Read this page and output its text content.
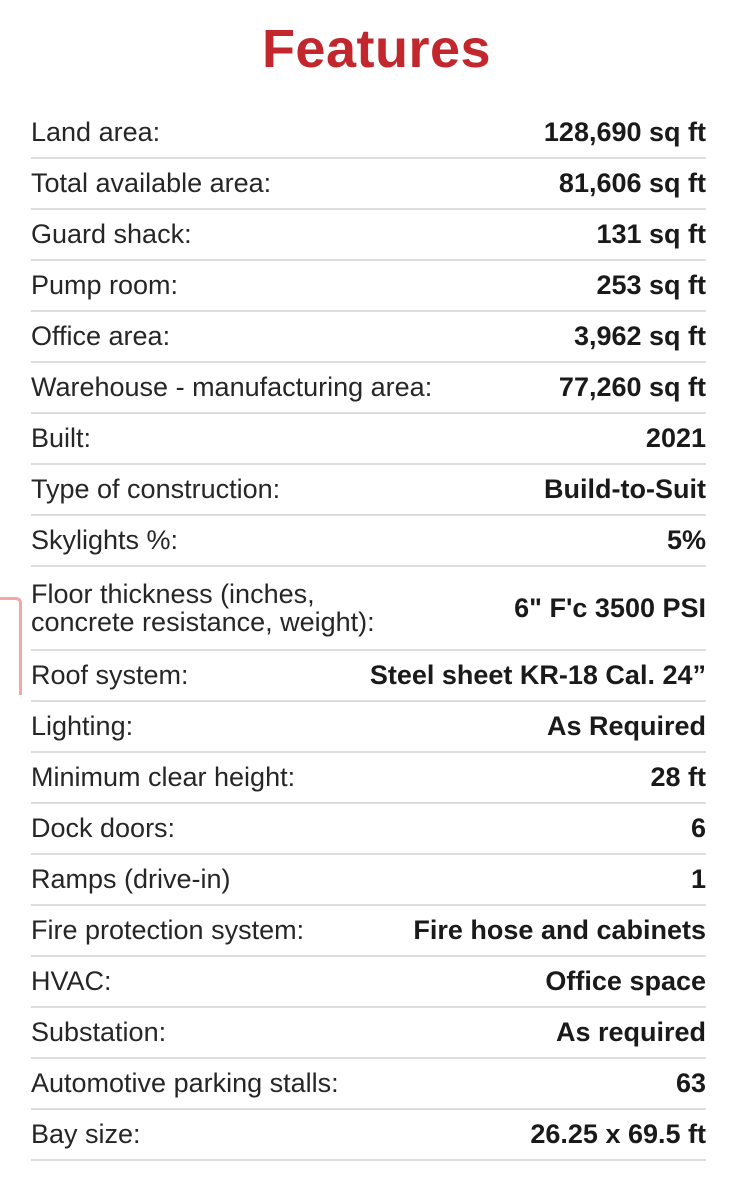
Features
Land area:	128,690 sq ft
Total available area:	81,606 sq ft
Guard shack:	131 sq ft
Pump room:	253 sq ft
Office area:	3,962 sq ft
Warehouse - manufacturing area:	77,260 sq ft
Built:	2021
Type of construction:	Build-to-Suit
Skylights %:	5%
Floor thickness (inches,
concrete resistance, weight):	6" F'c 3500 PSI
Roof system:	Steel sheet KR-18 Cal. 24”
Lighting:	As Required
Minimum clear height:	28 ft
Dock doors:	6
Ramps (drive-in)	1
Fire protection system:	Fire hose and cabinets
HVAC:	Office space
Substation:	As required
Automotive parking stalls:	63
Bay size:	26.25 x 69.5 ft
